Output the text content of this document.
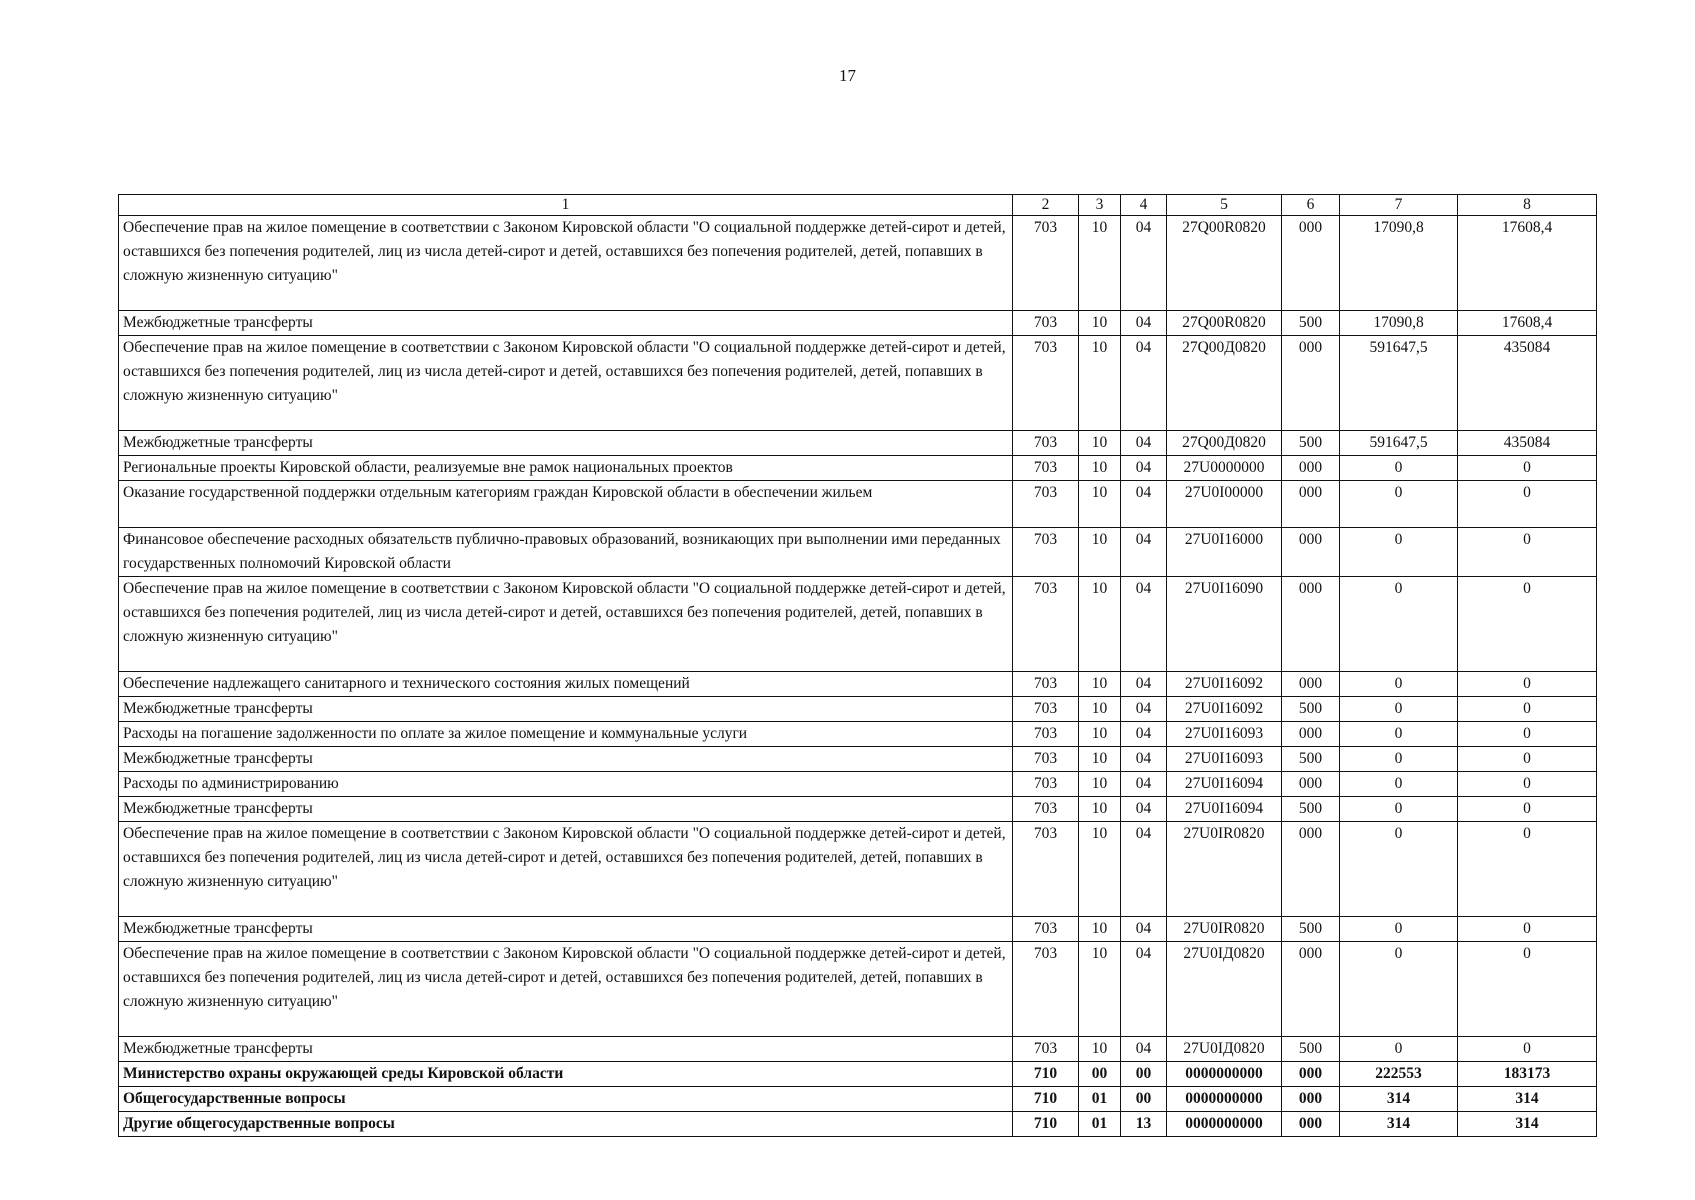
17
1	2	3	4	5	6	7	8
Обеспечение прав на жилое помещение в соответствии с Законом Кировской области "О социальной поддержке детей-сирот и детей, оставшихся без попечения родителей, лиц из числа детей-сирот и детей, оставшихся без попечения родителей, детей, попавших в сложную жизненную ситуацию"	703	10	04	27Q00R0820	000	17090,8	17608,4
Межбюджетные трансферты	703	10	04	27Q00R0820	500	17090,8	17608,4
Обеспечение прав на жилое помещение в соответствии с Законом Кировской области "О социальной поддержке детей-сирот и детей, оставшихся без попечения родителей, лиц из числа детей-сирот и детей, оставшихся без попечения родителей, детей, попавших в сложную жизненную ситуацию"	703	10	04	27Q00Д0820	000	591647,5	435084
Межбюджетные трансферты	703	10	04	27Q00Д0820	500	591647,5	435084
Региональные проекты Кировской области, реализуемые вне рамок национальных проектов	703	10	04	27U0000000	000	0	0
Оказание государственной поддержки отдельным категориям граждан Кировской области в обеспечении жильем	703	10	04	27U0I00000	000	0	0
Финансовое обеспечение расходных обязательств публично-правовых образований, возникающих при выполнении ими переданных государственных полномочий Кировской области	703	10	04	27U0I16000	000	0	0
Обеспечение прав на жилое помещение в соответствии с Законом Кировской области "О социальной поддержке детей-сирот и детей, оставшихся без попечения родителей, лиц из числа детей-сирот и детей, оставшихся без попечения родителей, детей, попавших в сложную жизненную ситуацию"	703	10	04	27U0I16090	000	0	0
Обеспечение надлежащего санитарного и технического состояния жилых помещений	703	10	04	27U0I16092	000	0	0
Межбюджетные трансферты	703	10	04	27U0I16092	500	0	0
Расходы на погашение задолженности по оплате за жилое помещение и коммунальные услуги	703	10	04	27U0I16093	000	0	0
Межбюджетные трансферты	703	10	04	27U0I16093	500	0	0
Расходы по администрированию	703	10	04	27U0I16094	000	0	0
Межбюджетные трансферты	703	10	04	27U0I16094	500	0	0
Обеспечение прав на жилое помещение в соответствии с Законом Кировской области "О социальной поддержке детей-сирот и детей, оставшихся без попечения родителей, лиц из числа детей-сирот и детей, оставшихся без попечения родителей, детей, попавших в сложную жизненную ситуацию"	703	10	04	27U0IR0820	000	0	0
Межбюджетные трансферты	703	10	04	27U0IR0820	500	0	0
Обеспечение прав на жилое помещение в соответствии с Законом Кировской области "О социальной поддержке детей-сирот и детей, оставшихся без попечения родителей, лиц из числа детей-сирот и детей, оставшихся без попечения родителей, детей, попавших в сложную жизненную ситуацию"	703	10	04	27U0IД0820	000	0	0
Межбюджетные трансферты	703	10	04	27U0IД0820	500	0	0
Министерство охраны окружающей среды Кировской области	710	00	00	0000000000	000	222553	183173
Общегосударственные вопросы	710	01	00	0000000000	000	314	314
Другие общегосударственные вопросы	710	01	13	0000000000	000	314	314
